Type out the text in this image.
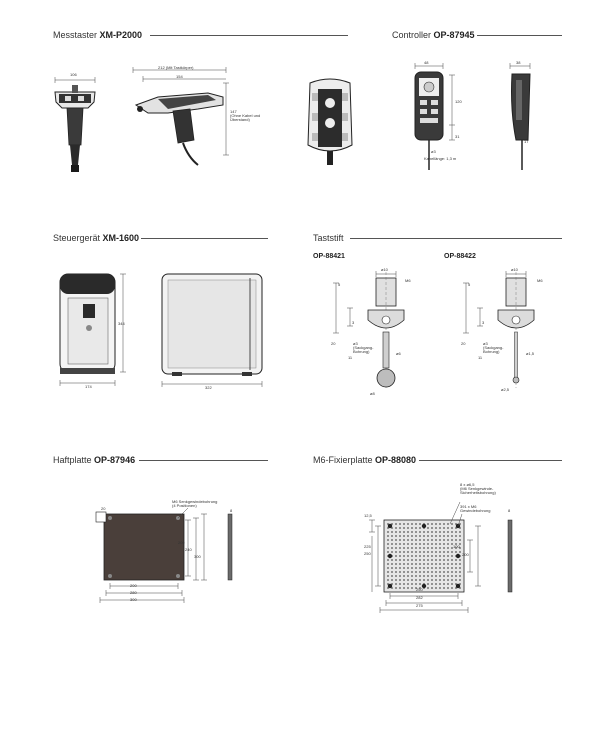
Messtaster XM-P2000	Controller OP-87945
Steuergerät XM-1600	Taststift
Haftplatte OP-87946	M6-Fixierplatte OP-88080
106
212 (Mit Tastkörper)
154
147
(Ohne Kabel und
Überstand)
48
120
31
ø3
Kabellänge: 1,3 m
38
17
344
174	322
OP-88421	OP-88422
ø10
M6
5
3
20
11
ø3
(Sackgang-
Bohrung)	ø6
ø8
ø10
M6
5
3
20
11
ø3
(Sackgang-
Bohrung)	ø1,5
ø2,5
M6 Senkgewindebohrung
(4 Positionen)
20	8
200
240
300
200
280
300
8 x ø6,5
(M6 Senkgewinde-
Sicherheitsbohrung)
391 x M6
Gewindebohrung
12,5
8
225
250
100
200
250
282
275
